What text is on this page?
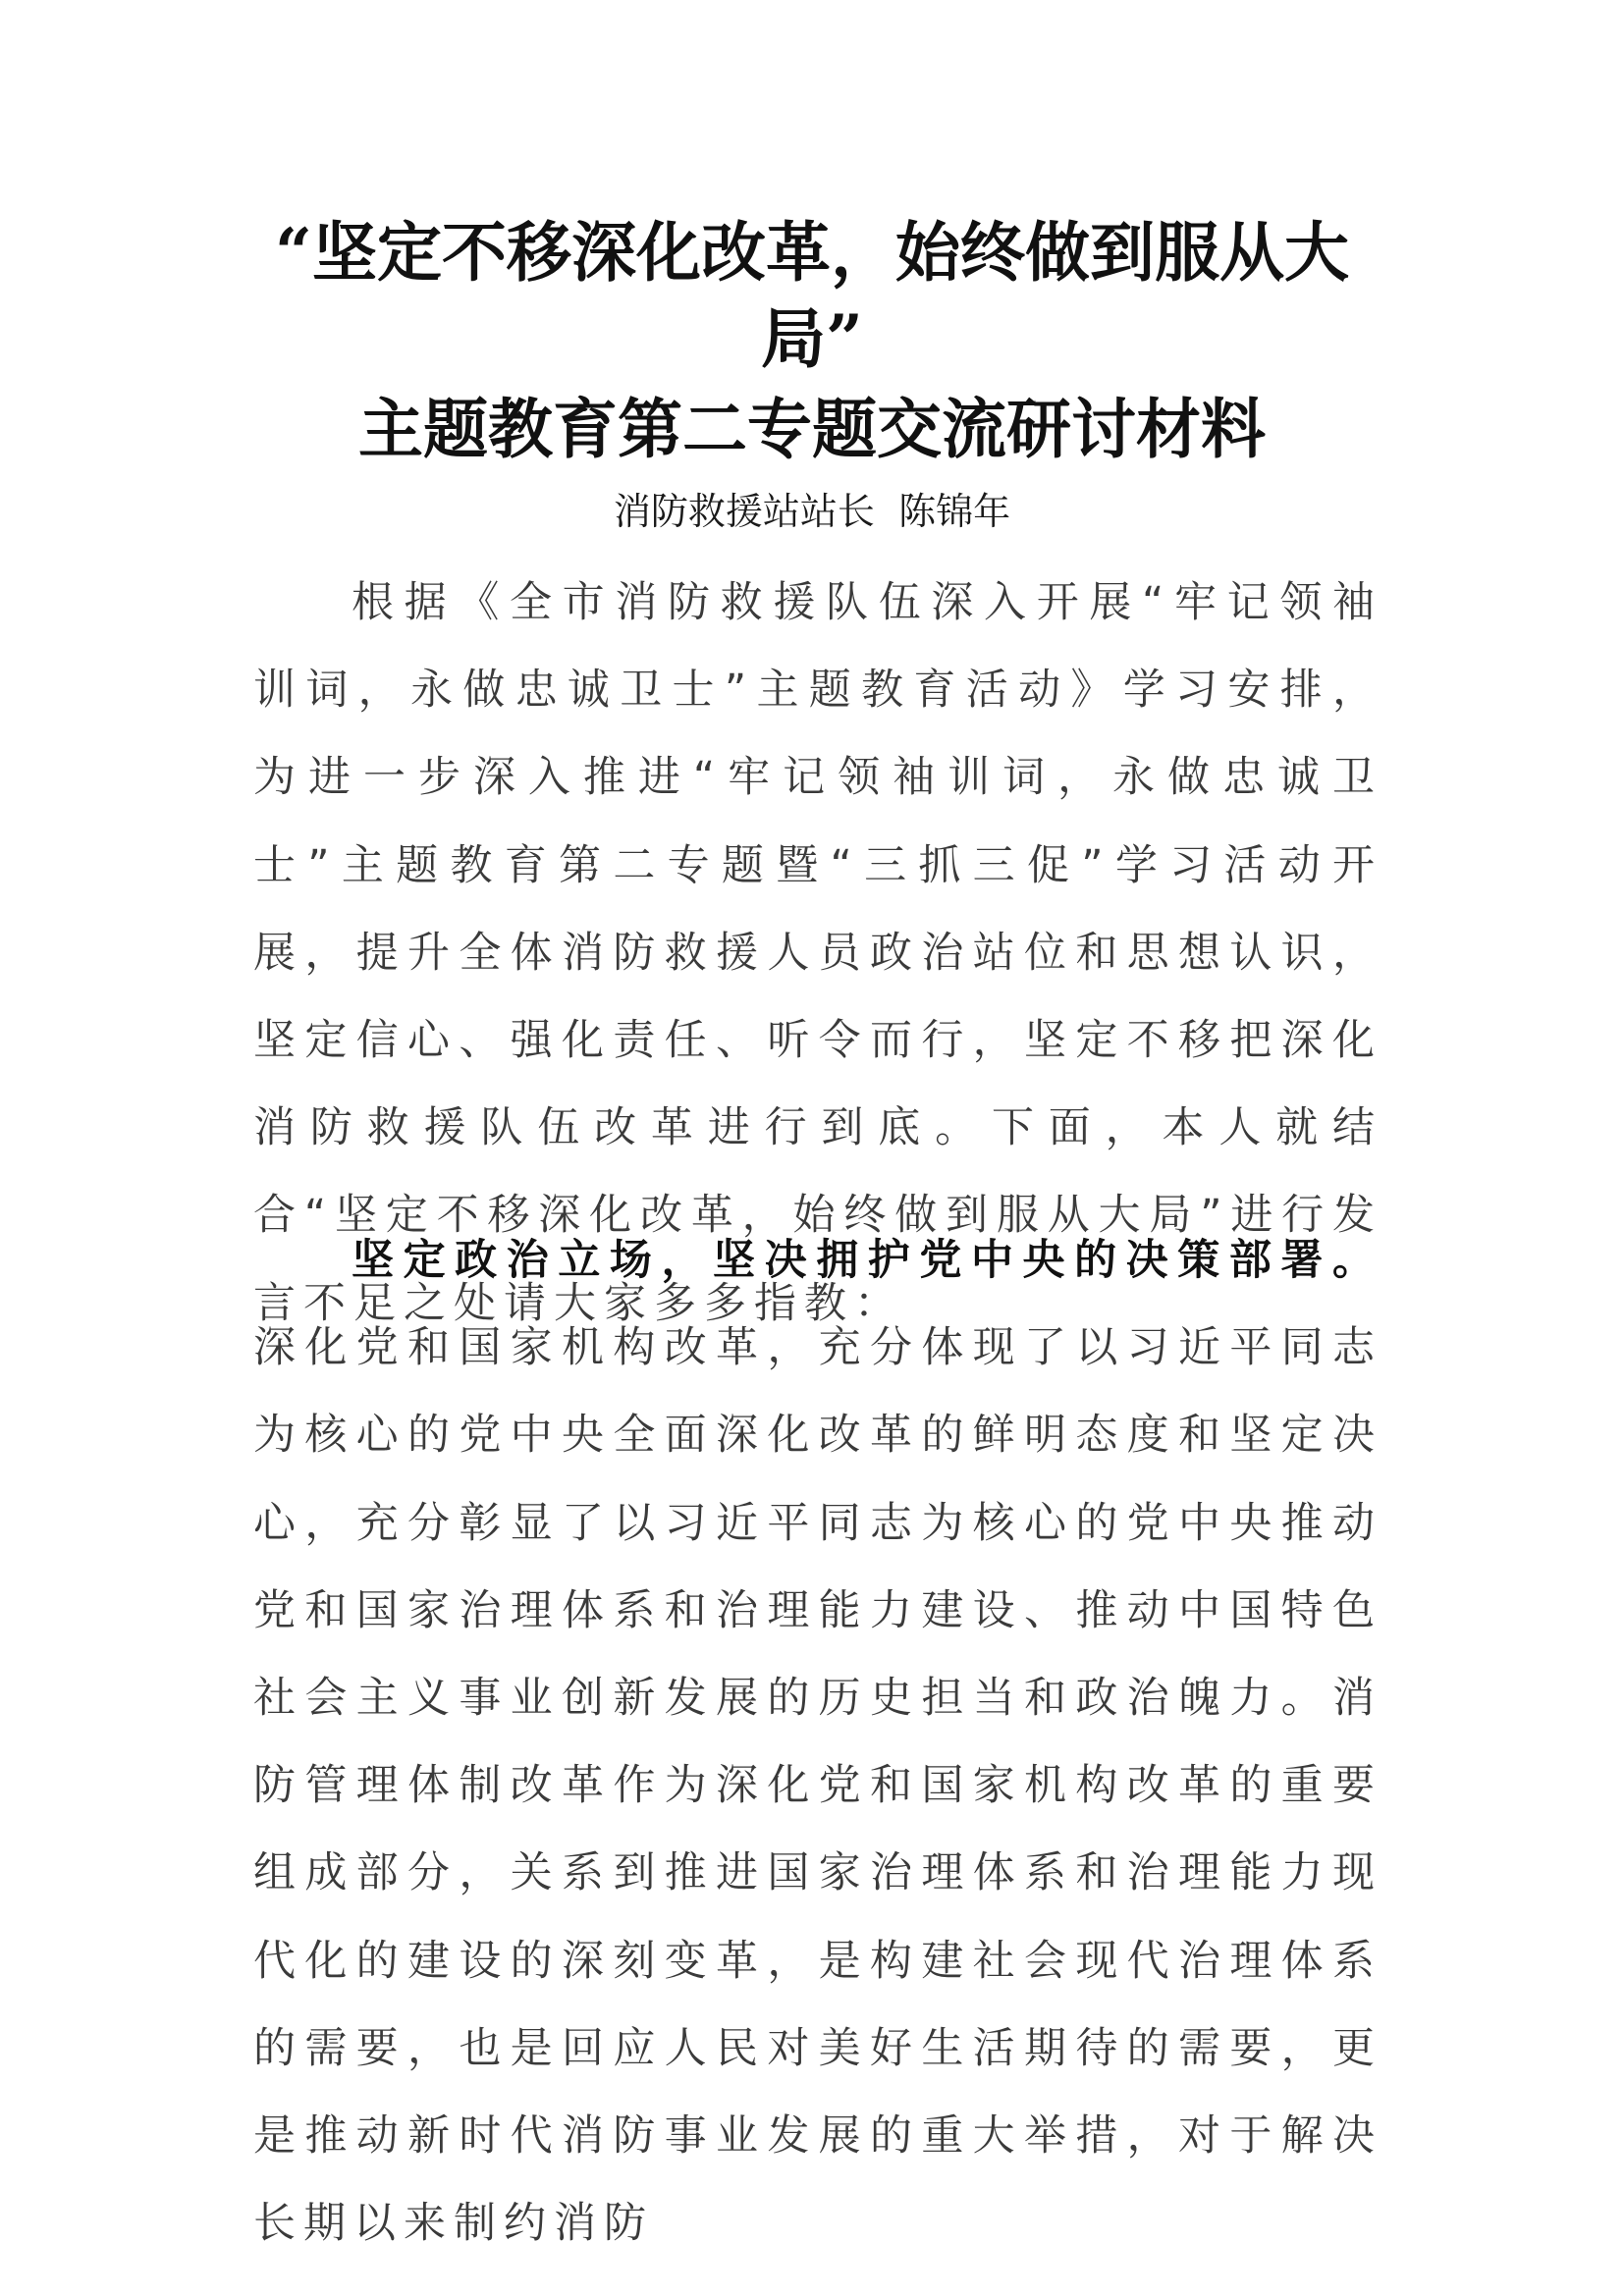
“坚定不移深化改革，始终做到服从大
局”
主题教育第二专题交流研讨材料
消防救援站站长  陈锦年

根据《全市消防救援队伍深入开展“牢记领袖训词，永做忠诚卫士”主题教育活动》学习安排，为进一步深入推进“牢记领袖训词，永做忠诚卫士”主题教育第二专题暨“三抓三促”学习活动开展，提升全体消防救援人员政治站位和思想认识，坚定信心、强化责任、听令而行，坚定不移把深化消防救援队伍改革进行到底。下面，本人就结合“坚定不移深化改革，始终做到服从大局”进行发言不足之处请大家多多指教：

坚定政治立场，坚决拥护党中央的决策部署。深化党和国家机构改革，充分体现了以习近平同志为核心的党中央全面深化改革的鲜明态度和坚定决心，充分彰显了以习近平同志为核心的党中央推动党和国家治理体系和治理能力建设、推动中国特色社会主义事业创新发展的历史担当和政治魄力。消防管理体制改革作为深化党和国家机构改革的重要组成部分，关系到推进国家治理体系和治理能力现代化的建设的深刻变革，是构建社会现代治理体系的需要，也是回应人民对美好生活期待的需要，更是推动新时代消防事业发展的重大举措，对于解决长期以来制约消防
